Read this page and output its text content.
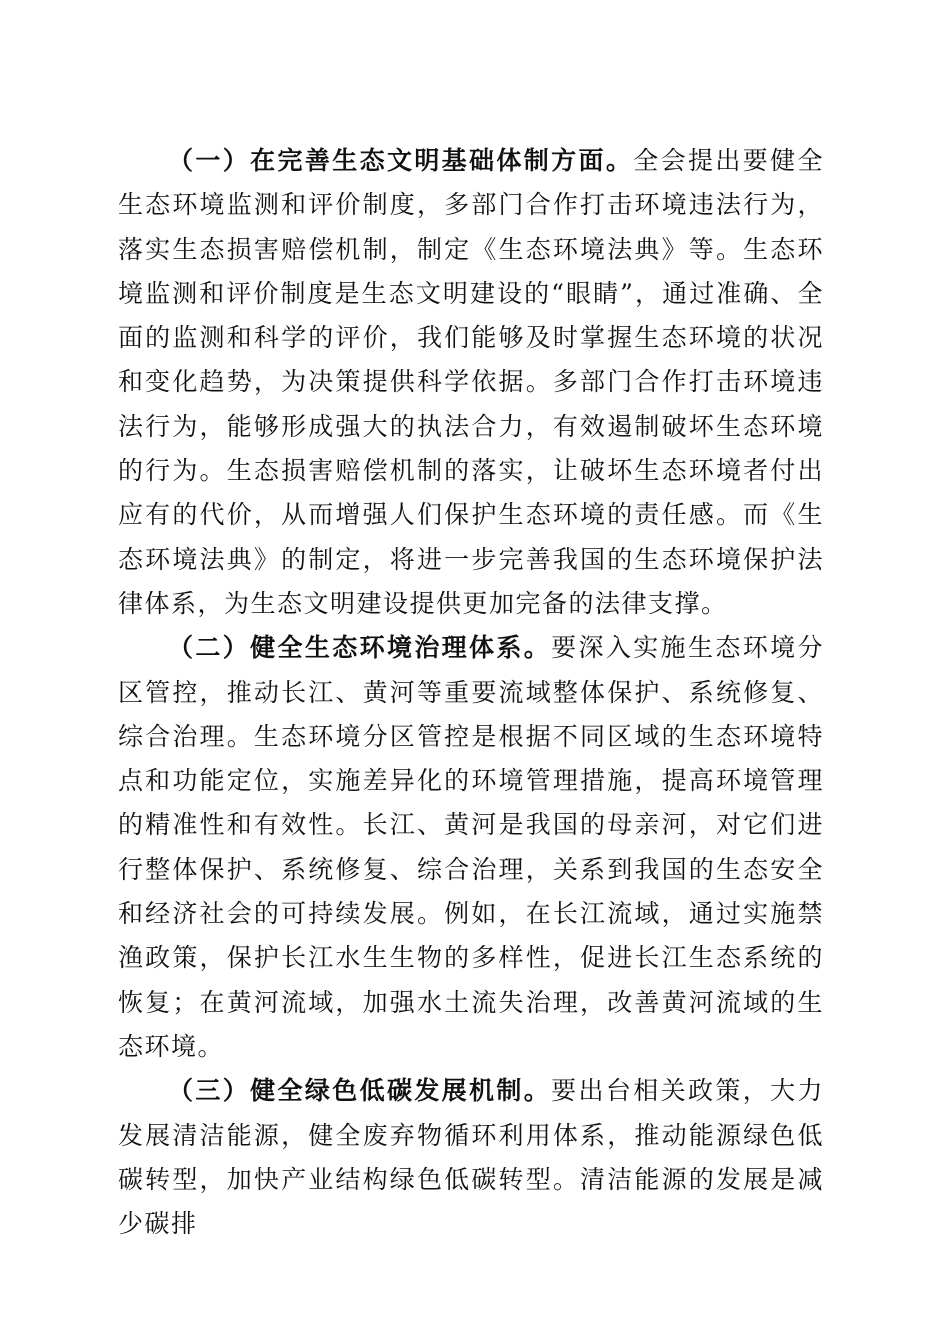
（一）在完善生态文明基础体制方面。全会提出要健全生态环境监测和评价制度，多部门合作打击环境违法行为，落实生态损害赔偿机制，制定《生态环境法典》等。生态环境监测和评价制度是生态文明建设的“眼睛”，通过准确、全面的监测和科学的评价，我们能够及时掌握生态环境的状况和变化趋势，为决策提供科学依据。多部门合作打击环境违法行为，能够形成强大的执法合力，有效遏制破坏生态环境的行为。生态损害赔偿机制的落实，让破坏生态环境者付出应有的代价，从而增强人们保护生态环境的责任感。而《生态环境法典》的制定，将进一步完善我国的生态环境保护法律体系，为生态文明建设提供更加完备的法律支撑。

（二）健全生态环境治理体系。要深入实施生态环境分区管控，推动长江、黄河等重要流域整体保护、系统修复、综合治理。生态环境分区管控是根据不同区域的生态环境特点和功能定位，实施差异化的环境管理措施，提高环境管理的精准性和有效性。长江、黄河是我国的母亲河，对它们进行整体保护、系统修复、综合治理，关系到我国的生态安全和经济社会的可持续发展。例如，在长江流域，通过实施禁渔政策，保护长江水生生物的多样性，促进长江生态系统的恢复；在黄河流域，加强水土流失治理，改善黄河流域的生态环境。

（三）健全绿色低碳发展机制。要出台相关政策，大力发展清洁能源，健全废弃物循环利用体系，推动能源绿色低碳转型，加快产业结构绿色低碳转型。清洁能源的发展是减少碳排
